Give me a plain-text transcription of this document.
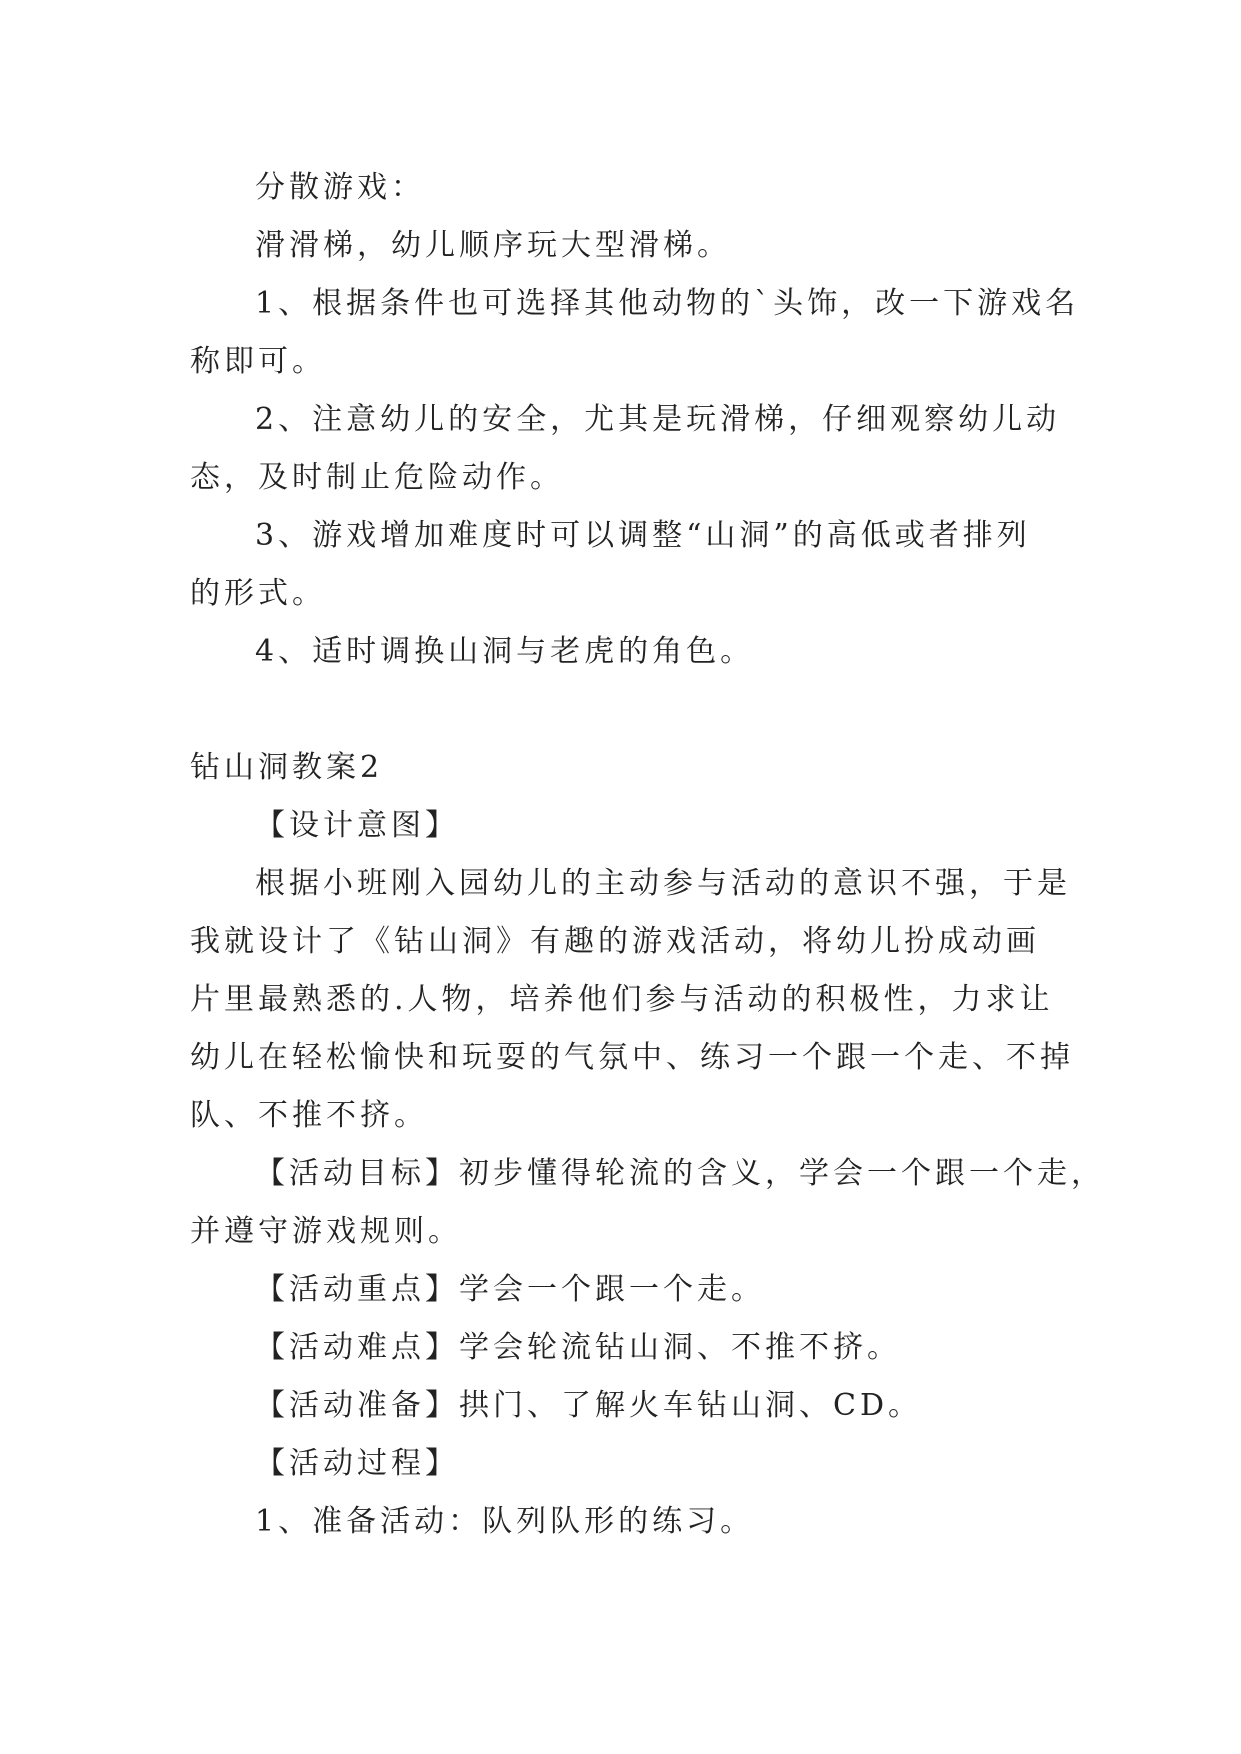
分散游戏：
滑滑梯，幼儿顺序玩大型滑梯。
1、根据条件也可选择其他动物的`头饰，改一下游戏名
称即可。
2、注意幼儿的安全，尤其是玩滑梯，仔细观察幼儿动
态，及时制止危险动作。
3、游戏增加难度时可以调整“山洞”的高低或者排列
的形式。
4、适时调换山洞与老虎的角色。
钻山洞教案2
【设计意图】
根据小班刚入园幼儿的主动参与活动的意识不强，于是
我就设计了《钻山洞》有趣的游戏活动，将幼儿扮成动画
片里最熟悉的.人物，培养他们参与活动的积极性，力求让
幼儿在轻松愉快和玩耍的气氛中、练习一个跟一个走、不掉
队、不推不挤。
【活动目标】初步懂得轮流的含义，学会一个跟一个走，
并遵守游戏规则。
【活动重点】学会一个跟一个走。
【活动难点】学会轮流钻山洞、不推不挤。
【活动准备】拱门、了解火车钻山洞、CD。
【活动过程】
1、准备活动：队列队形的练习。
